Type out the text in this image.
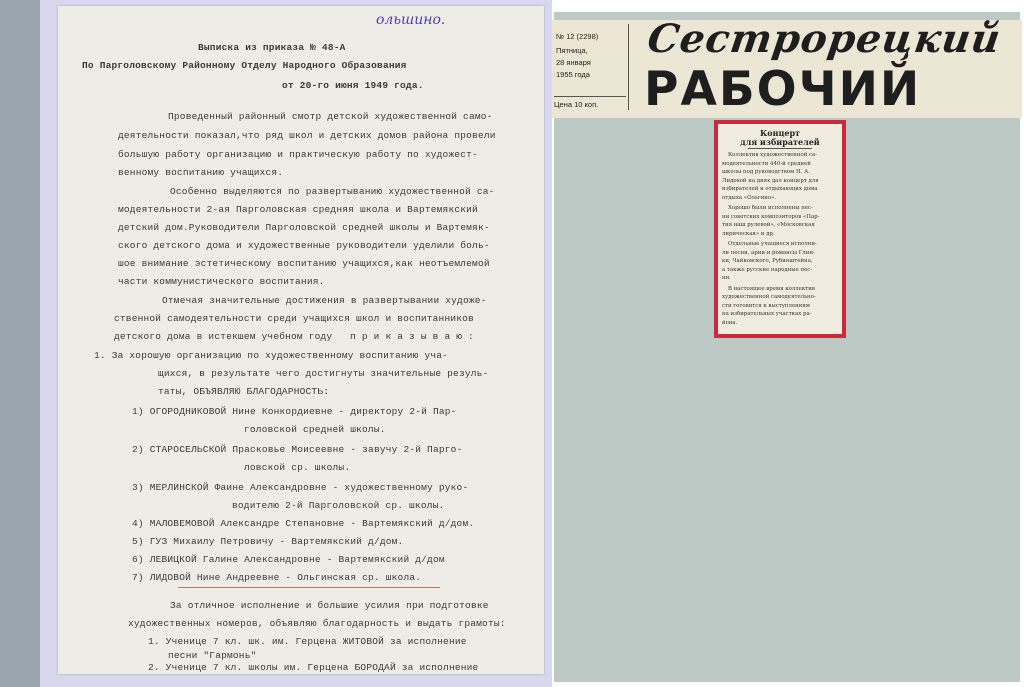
ольшино.
Выписка из приказа № 48-А
По Парголовскому Районному Отделу Народного Образования
от 20-го июня 1949 года.
Проведенный районный смотр детской художественной само-
деятельности показал,что ряд школ и детских домов района провели
большую работу организацию и практическую работу по художест-
венному воспитанию учащихся.
Особенно выделяются по развертыванию художественной са-
модеятельности 2-ая Парголовская средняя школа и Вартемякский
детский дом.Руководители Парголовской средней школы и Вартемяк-
ского детского дома и художественные руководители уделили боль-
шое внимание эстетическому воспитанию учащихся,как неотъемлемой
части коммунистического воспитания.
Отмечая значительные достижения в развертывании художе-
ственной самодеятельности среди учащихся школ и воспитанников
детского дома в истекшем учебном году   п р и к а з ы в а ю :
1. За хорошую организацию по художественному воспитанию уча-
щихся, в результате чего достигнуты значительные резуль-
таты, ОБЪЯВЛЯЮ БЛАГОДАРНОСТЬ:
1) ОГОРОДНИКОВОЙ Нине Конкордиевне - директору 2-й Пар-
головской средней школы.
2) СТАРОСЕЛЬСКОЙ Прасковье Моисеевне - завучу 2-й Парго-
ловской ср. школы.
3) МЕРЛИНСКОЙ Фаине Александровне - художественному руко-
водителю 2-й Парголовской ср. школы.
4) МАЛОВЕМОВОЙ Александре Степановне - Вартемякский д/дом.
5) ГУЗ Михаилу Петровичу - Вартемякский д/дом.
6) ЛЕВИЦКОЙ Галине Александровне - Вартемякский д/дом
7) ЛИДОВОЙ Нине Андреевне - Ольгинская ср. школа.
За отличное исполнение и большие усилия при подготовке
художественных номеров, объявляю благодарность и выдать грамоты:
1. Ученице 7 кл. шк. им. Герцена ЖИТОВОЙ за исполнение
песни "Гармонь"
2. Ученице 7 кл. школы им. Герцена БОРОДАЙ за исполнение
№ 12 (2298)
Пятница,
28 января
1955 года
Цена 10 коп.
Сестрорецкий
РАБОЧИЙ
Концерт
для избирателей
Коллектив художественной са-
модеятельности 440-й средней
школы под руководством Н. А.
Лидовой на днях дал концерт для
избирателей и отдыхающих дома
отдыха «Ольгино».
Хорошо были исполнены пес-
ни советских композиторов «Пар-
тия наш рулевой», «Московская
лирическая» и др.
Отдельные учащиеся исполни-
ли песни, арии и романсы Глин-
ки, Чайковского, Рубинштейна,
а также русские народные пес-
ни.
В настоящее время коллектив
художественной самодеятельно-
сти готовится к выступлениям
на избирательных участках ра-
йона.
